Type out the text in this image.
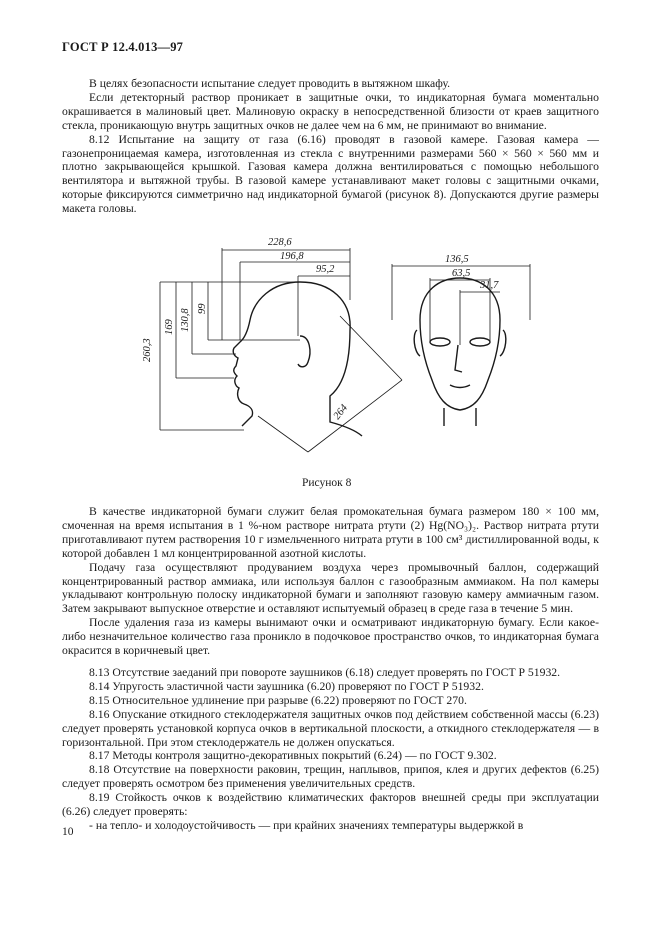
ГОСТ Р 12.4.013—97

В целях безопасности испытание следует проводить в вытяжном шкафу.

Если детекторный раствор проникает в защитные очки, то индикаторная бумага моментально окрашивается в малиновый цвет. Малиновую окраску в непосредственной близости от краев защитного стекла, проникающую внутрь защитных очков не далее чем на 6 мм, не принимают во внимание.

8.12 Испытание на защиту от газа (6.16) проводят в газовой камере. Газовая камера — газонепроницаемая камера, изготовленная из стекла с внутренними размерами 560 × 560 × 560 мм и плотно закрывающейся крышкой. Газовая камера должна вентилироваться с помощью небольшого вентилятора и вытяжной трубы. В газовой камере устанавливают макет головы с защитными очками, которые фиксируются симметрично над индикаторной бумагой (рисунок 8). Допускаются другие размеры макета головы.

228,6
196,8
95,2
260,3
169 130,8 99
264
136,5
63,5
31,7
Рисунок 8

В качестве индикаторной бумаги служит белая промокательная бумага размером 180 × 100 мм, смоченная на время испытания в 1 %-ном растворе нитрата ртути (2) Hg(NO₃)₂. Раствор нитрата ртути приготавливают путем растворения 10 г измельченного нитрата ртути в 100 см³ дистиллированной воды, к которой добавлен 1 мл концентрированной азотной кислоты.

Подачу газа осуществляют продуванием воздуха через промывочный баллон, содержащий концентрированный раствор аммиака, или используя баллон с газообразным аммиаком. На пол камеры укладывают контрольную полоску индикаторной бумаги и заполняют газовую камеру аммиачным газом. Затем закрывают выпускное отверстие и оставляют испытуемый образец в среде газа в течение 5 мин.

После удаления газа из камеры вынимают очки и осматривают индикаторную бумагу. Если какое-либо незначительное количество газа проникло в подочковое пространство очков, то индикаторная бумага окрасится в коричневый цвет.

8.13 Отсутствие заеданий при повороте заушников (6.18) следует проверять по ГОСТ Р 51932.

8.14 Упругость эластичной части заушника (6.20) проверяют по ГОСТ Р 51932.

8.15 Относительное удлинение при разрыве (6.22) проверяют по ГОСТ 270.

8.16 Опускание откидного стеклодержателя защитных очков под действием собственной массы (6.23) следует проверять установкой корпуса очков в вертикальной плоскости, а откидного стеклодержателя — в горизонтальной. При этом стеклодержатель не должен опускаться.

8.17 Методы контроля защитно-декоративных покрытий (6.24) — по ГОСТ 9.302.

8.18 Отсутствие на поверхности раковин, трещин, наплывов, припоя, клея и других дефектов (6.25) следует проверять осмотром без применения увеличительных средств.

8.19 Стойкость очков к воздействию климатических факторов внешней среды при эксплуатации (6.26) следует проверять:

- на тепло- и холодоустойчивость — при крайних значениях температуры выдержкой в

10
